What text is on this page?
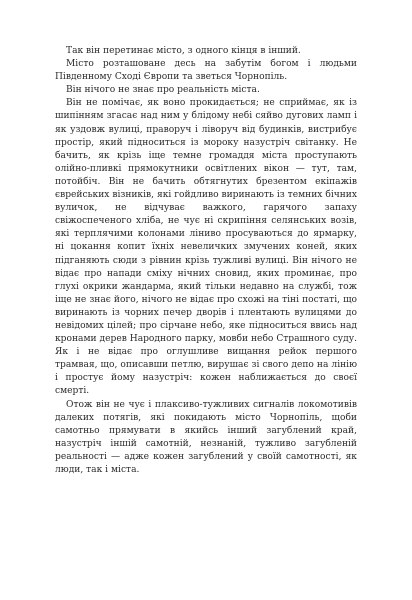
Так він перетинає місто, з одного кінця в інший.

Місто розташоване десь на забутім богом і людьми Південному Сході Європи та зветься Чорнопіль.

Він нічого не знає про реальність міста.

Він не помічає, як воно прокидається; не сприймає, як із шипінням згасає над ним у блідому небі сяйво дугових ламп і як уздовж вулиці, праворуч і ліворуч від будинків, вистрибує простір, який підноситься із мороку назустріч світанку. Не бачить, як крізь іще темне громаддя міста проступають олійно-пливкі прямокутники освітлених вікон — тут, там, потойбіч. Він не бачить обтягнутих брезентом екіпажів єврейських візників, які гойдливо виринають із темних бічних вуличок, не відчуває важкого, гарячого запаху свіжоспеченого хліба, не чує ні скрипіння селянських возів, які терплячими колонами ліниво просуваються до ярмарку, ні цокання копит їхніх невеличких змучених коней, яких підганяють сюди з рівнин крізь тужливі вулиці. Він нічого не відає про напади сміху нічних сновид, яких проминає, про глухі окрики жандарма, який тільки недавно на службі, тож іще не знає його, нічого не відає про схожі на тіні постаті, що виринають із чорних печер дворів і плентають вулицями до невідомих цілей; про сірчане небо, яке підноситься ввись над кронами дерев Народного парку, мовби небо Страшного суду. Як і не відає про оглушливе вищання рейок першого трамвая, що, описавши петлю, вирушає зі свого депо на лінію і простує йому назустріч: кожен наближається до своєї смерті.

Отож він не чує і плаксиво-тужливих сигналів локомотивів далеких потягів, які покидають місто Чорнопіль, щоби самотньо прямувати в якийсь інший загублений край, назустріч іншій самотній, незнаній, тужливо загубленій реальності — адже кожен загублений у своїй самотності, як люди, так і міста.
